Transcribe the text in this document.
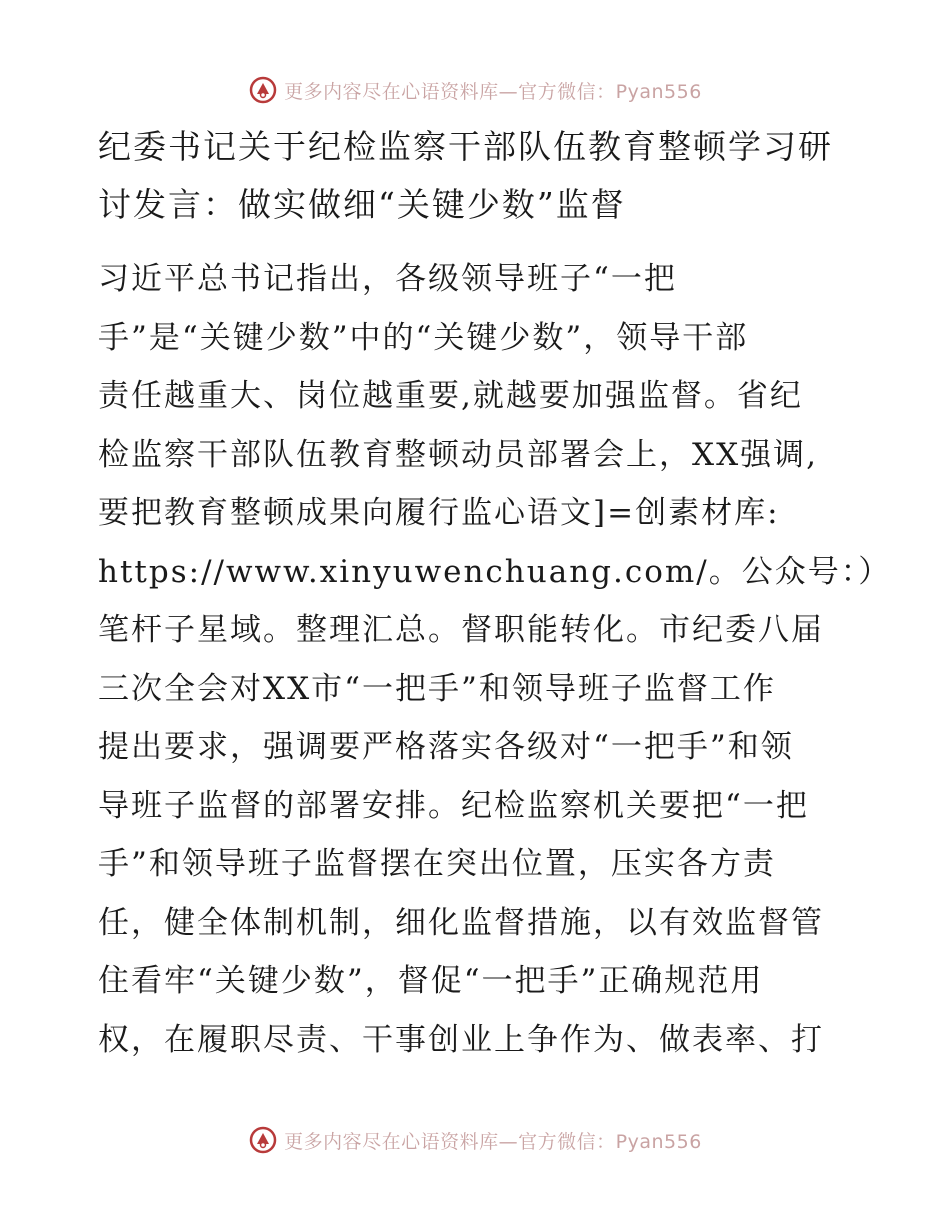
更多内容尽在心语资料库—官方微信：Pyan556
纪委书记关于纪检监察干部队伍教育整顿学习研
讨发言：做实做细“关键少数”监督
习近平总书记指出，各级领导班子“一把
手”是“关键少数”中的“关键少数”，领导干部
责任越重大、岗位越重要,就越要加强监督。省纪
检监察干部队伍教育整顿动员部署会上，XX强调,
要把教育整顿成果向履行监心语文]=创素材库:
https://www.xinyuwenchuang.com/。公众号：）
笔杆子星域。整理汇总。督职能转化。市纪委八届
三次全会对XX市“一把手”和领导班子监督工作
提出要求，强调要严格落实各级对“一把手”和领
导班子监督的部署安排。纪检监察机关要把“一把
手”和领导班子监督摆在突出位置，压实各方责
任，健全体制机制，细化监督措施，以有效监督管
住看牢“关键少数”，督促“一把手”正确规范用
权，在履职尽责、干事创业上争作为、做表率、打
更多内容尽在心语资料库—官方微信：Pyan556
